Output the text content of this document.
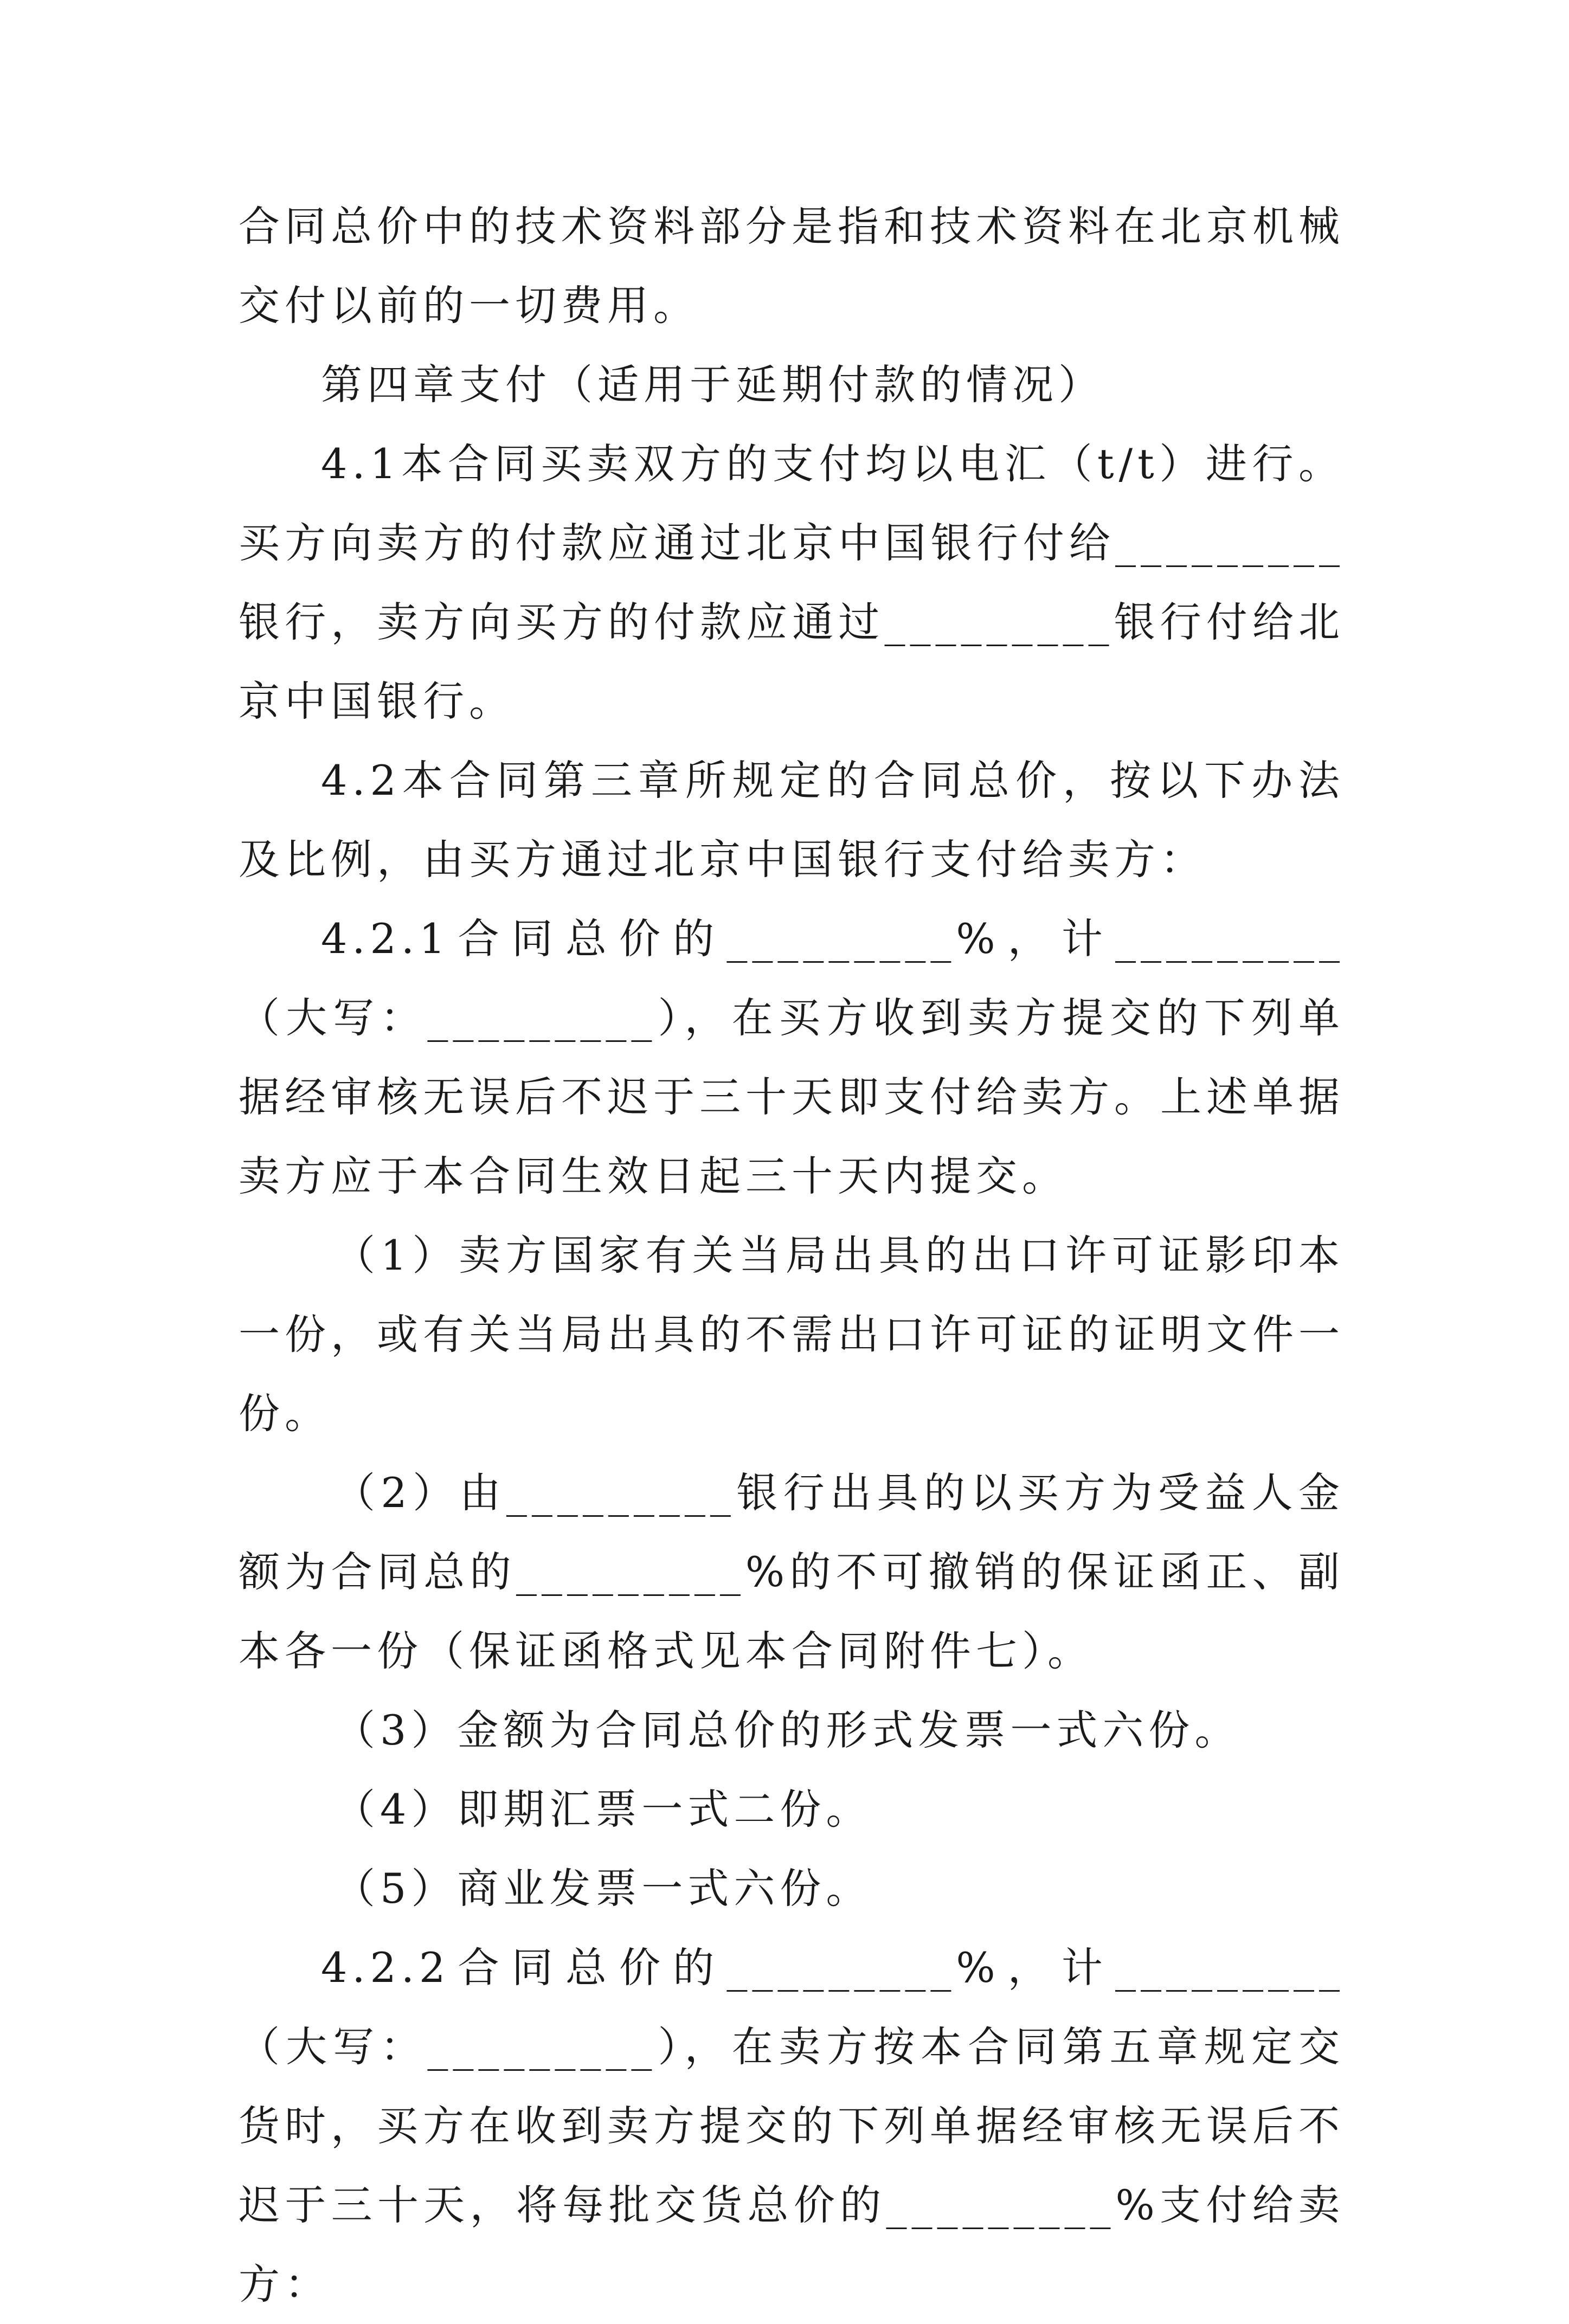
合同总价中的技术资料部分是指和技术资料在北京机械交付以前的一切费用。

第四章支付（适用于延期付款的情况）

4.1本合同买卖双方的支付均以电汇（t/t）进行。买方向卖方的付款应通过北京中国银行付给_________银行，卖方向买方的付款应通过_________银行付给北京中国银行。

4.2本合同第三章所规定的合同总价，按以下办法及比例，由买方通过北京中国银行支付给卖方：

4.2.1合同总价的_________%，计_________（大写：_________），在买方收到卖方提交的下列单据经审核无误后不迟于三十天即支付给卖方。上述单据卖方应于本合同生效日起三十天内提交。

（1）卖方国家有关当局出具的出口许可证影印本一份，或有关当局出具的不需出口许可证的证明文件一份。

（2）由_________银行出具的以买方为受益人金额为合同总的_________%的不可撤销的保证函正、副本各一份（保证函格式见本合同附件七）。

（3）金额为合同总价的形式发票一式六份。

（4）即期汇票一式二份。

（5）商业发票一式六份。

4.2.2合同总价的_________%，计_________（大写：_________），在卖方按本合同第五章规定交货时，买方在收到卖方提交的下列单据经审核无误后不迟于三十天，将每批交货总价的_________%支付给卖方：
